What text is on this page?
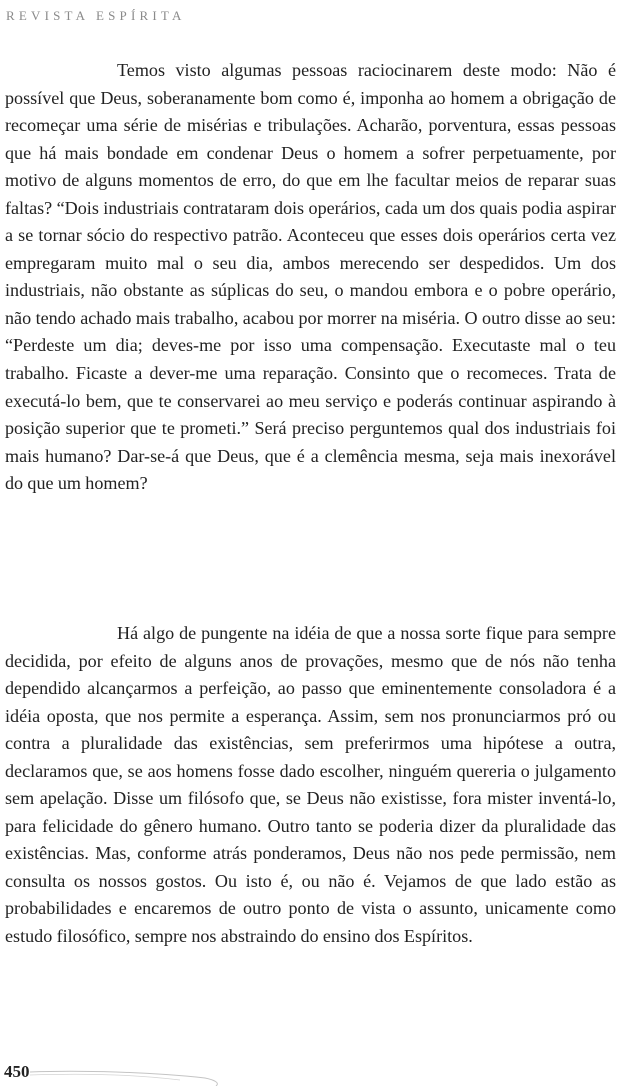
REVISTA ESPÍRITA

Temos visto algumas pessoas raciocinarem deste modo: Não é possível que Deus, soberanamente bom como é, imponha ao homem a obrigação de recomeçar uma série de misérias e tribulações. Acharão, porventura, essas pessoas que há mais bondade em condenar Deus o homem a sofrer perpetuamente, por motivo de alguns momentos de erro, do que em lhe facultar meios de reparar suas faltas? “Dois industriais contrataram dois operários, cada um dos quais podia aspirar a se tornar sócio do respectivo patrão. Aconteceu que esses dois operários certa vez empregaram muito mal o seu dia, ambos merecendo ser despedidos. Um dos industriais, não obstante as súplicas do seu, o mandou embora e o pobre operário, não tendo achado mais trabalho, acabou por morrer na miséria. O outro disse ao seu: “Perdeste um dia; deves-me por isso uma compensação. Executaste mal o teu trabalho. Ficaste a dever-me uma reparação. Consinto que o recomeces. Trata de executá-lo bem, que te conservarei ao meu serviço e poderás continuar aspirando à posição superior que te prometi.” Será preciso perguntemos qual dos industriais foi mais humano? Dar-se-á que Deus, que é a clemência mesma, seja mais inexorável do que um homem?

Há algo de pungente na idéia de que a nossa sorte fique para sempre decidida, por efeito de alguns anos de provações, mesmo que de nós não tenha dependido alcançarmos a perfeição, ao passo que eminentemente consoladora é a idéia oposta, que nos permite a esperança. Assim, sem nos pronunciarmos pró ou contra a pluralidade das existências, sem preferirmos uma hipótese a outra, declaramos que, se aos homens fosse dado escolher, ninguém quereria o julgamento sem apelação. Disse um filósofo que, se Deus não existisse, fora mister inventá-lo, para felicidade do gênero humano. Outro tanto se poderia dizer da pluralidade das existências. Mas, conforme atrás ponderamos, Deus não nos pede permissão, nem consulta os nossos gostos. Ou isto é, ou não é. Vejamos de que lado estão as probabilidades e encaremos de outro ponto de vista o assunto, unicamente como estudo filosófico, sempre nos abstraindo do ensino dos Espíritos.

450
